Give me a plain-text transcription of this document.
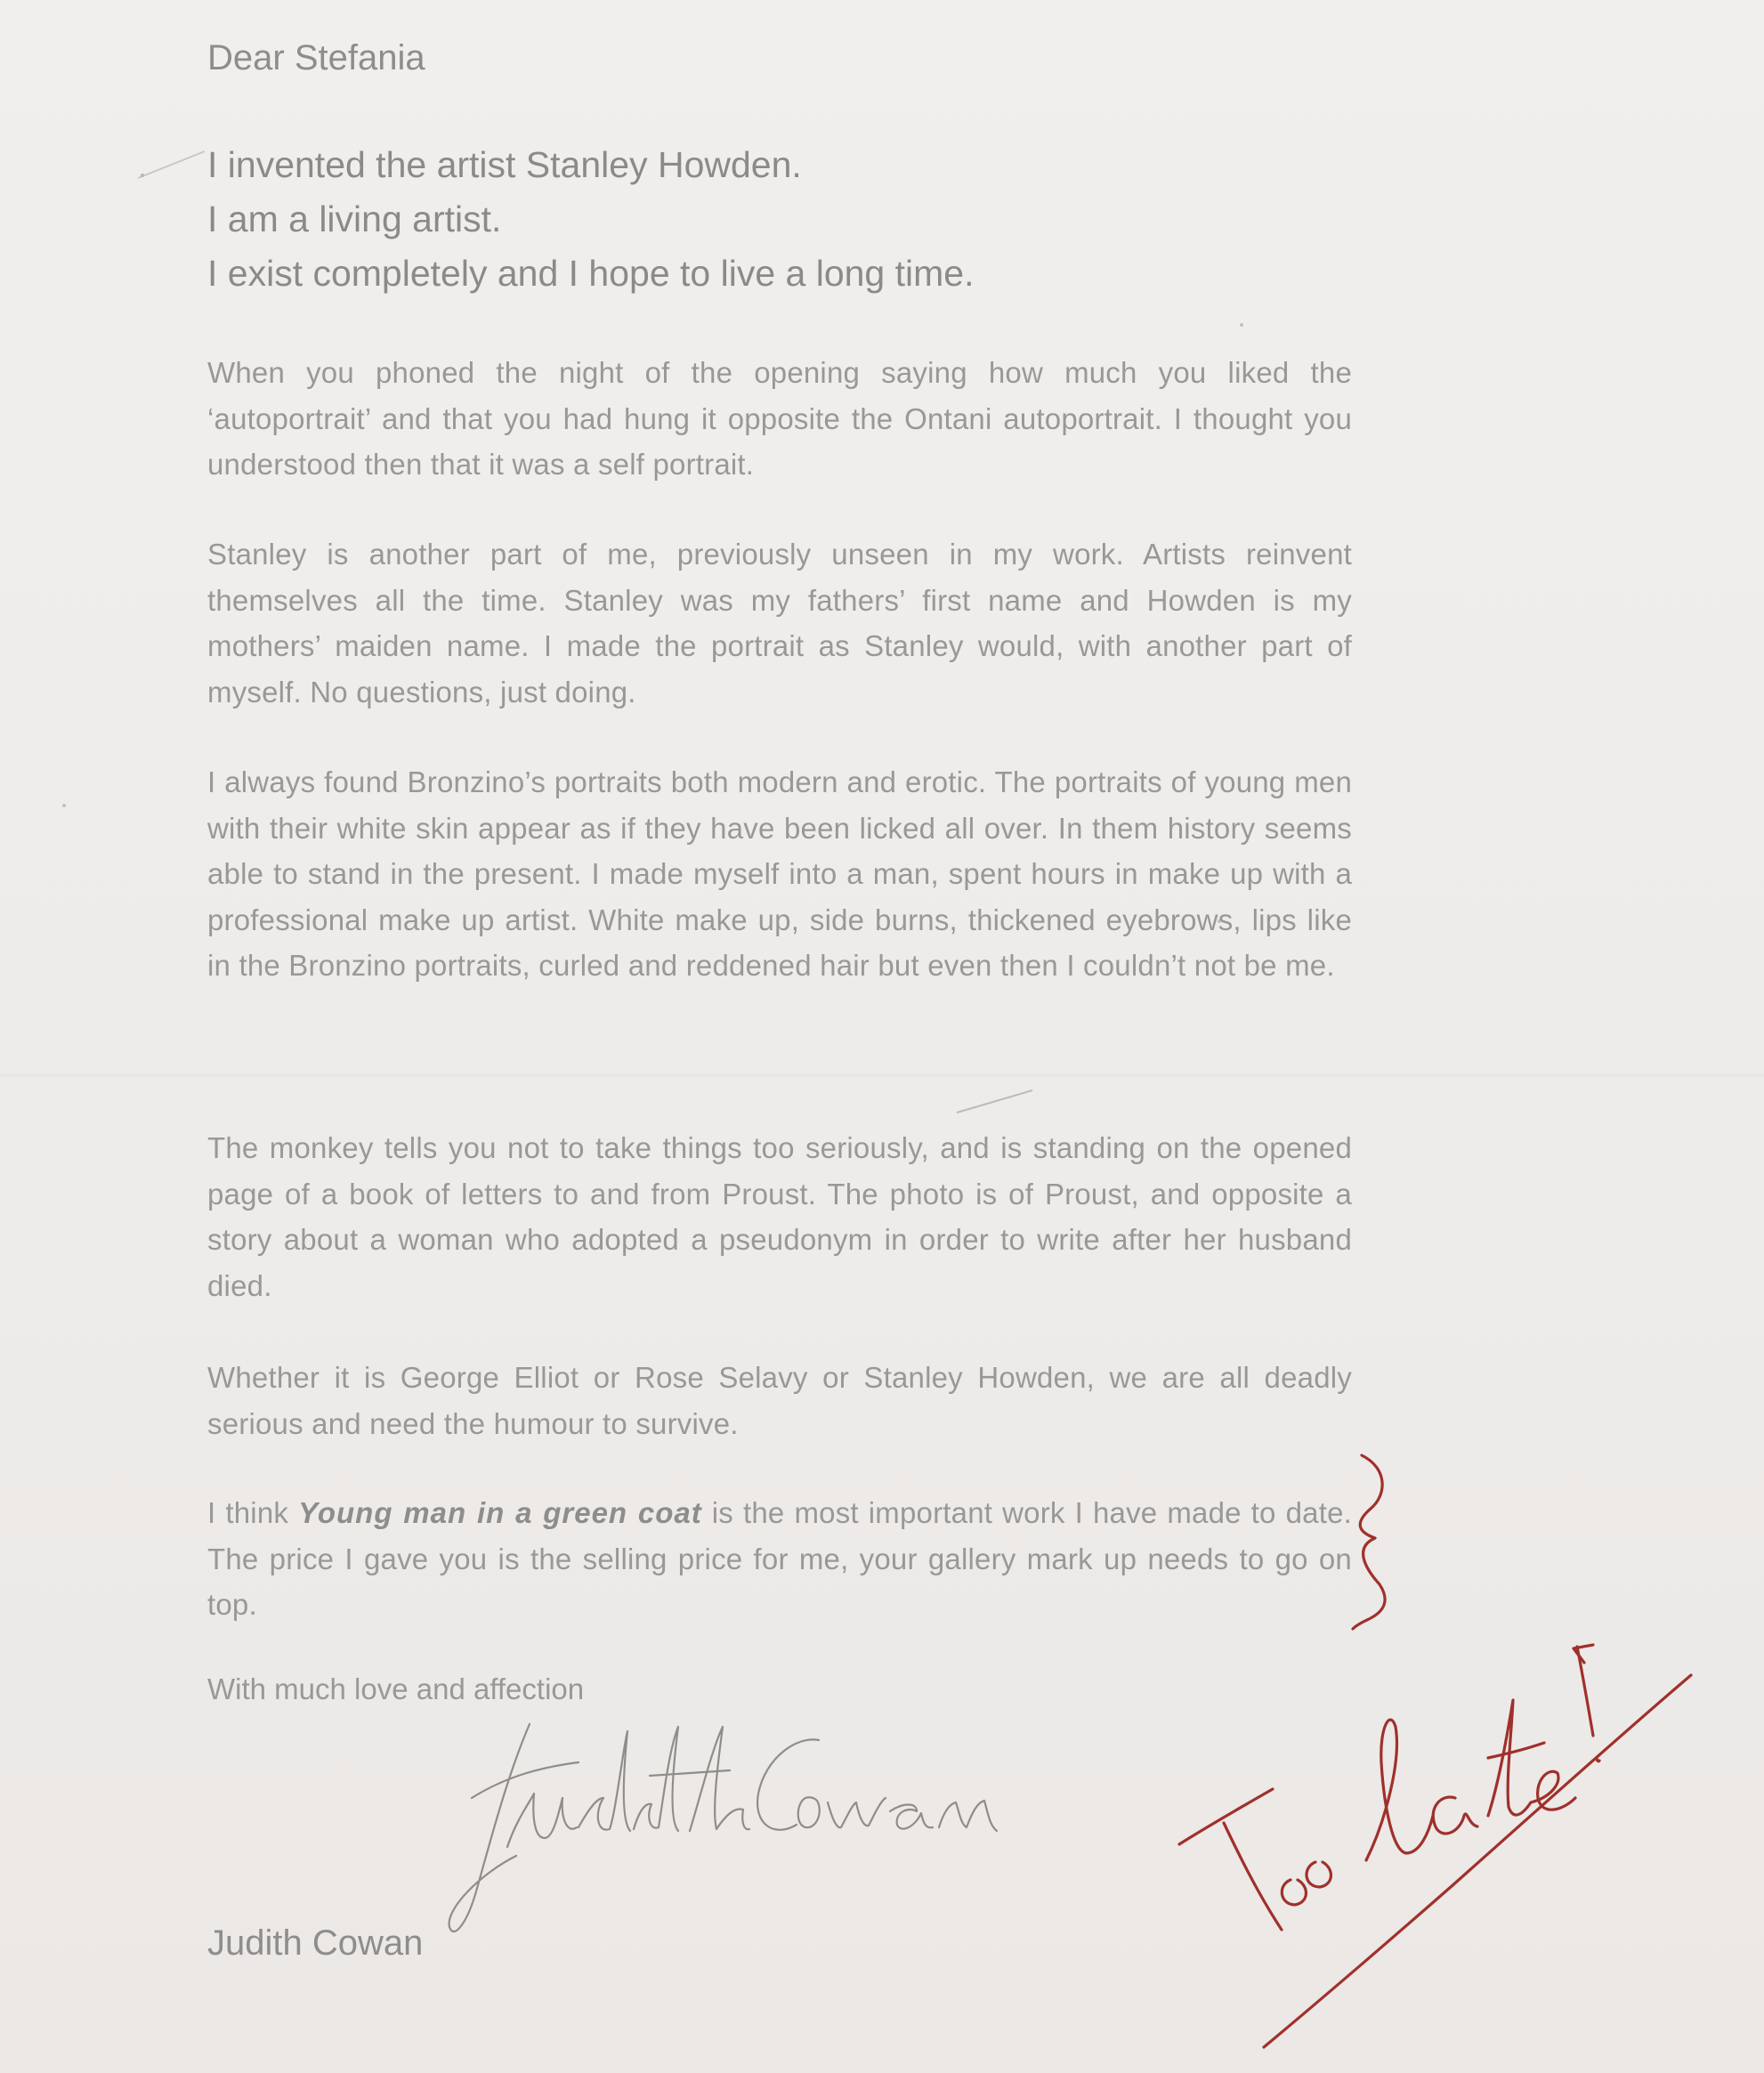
Dear Stefania
I invented the artist Stanley Howden.
I am a living artist.
I exist completely and I hope to live a long time.
When you phoned the night of the opening saying how much you liked the ‘autoportrait’ and that you had hung it opposite the Ontani autoportrait. I thought you understood then that it was a self portrait.
Stanley is another part of me, previously unseen in my work. Artists reinvent themselves all the time. Stanley was my fathers’ first name and Howden is my mothers’ maiden name. I made the portrait as Stanley would, with another part of myself. No questions, just doing.
I always found Bronzino’s portraits both modern and erotic. The portraits of young men with their white skin appear as if they have been licked all over. In them history seems able to stand in the present. I made myself into a man, spent hours in make up with a professional make up artist. White make up, side burns, thickened eyebrows, lips like in the Bronzino portraits, curled and reddened hair but even then I couldn’t not be me.
The monkey tells you not to take things too seriously, and is standing on the opened page of a book of letters to and from Proust. The photo is of Proust, and opposite a story about a woman who adopted a pseudonym in order to write after her husband died.
Whether it is George Elliot or Rose Selavy or Stanley Howden, we are all deadly serious and need the humour to survive.
I think Young man in a green coat is the most important work I have made to date. The price I gave you is the selling price for me, your gallery mark up needs to go on top.
With much love and affection
Judith Cowan
